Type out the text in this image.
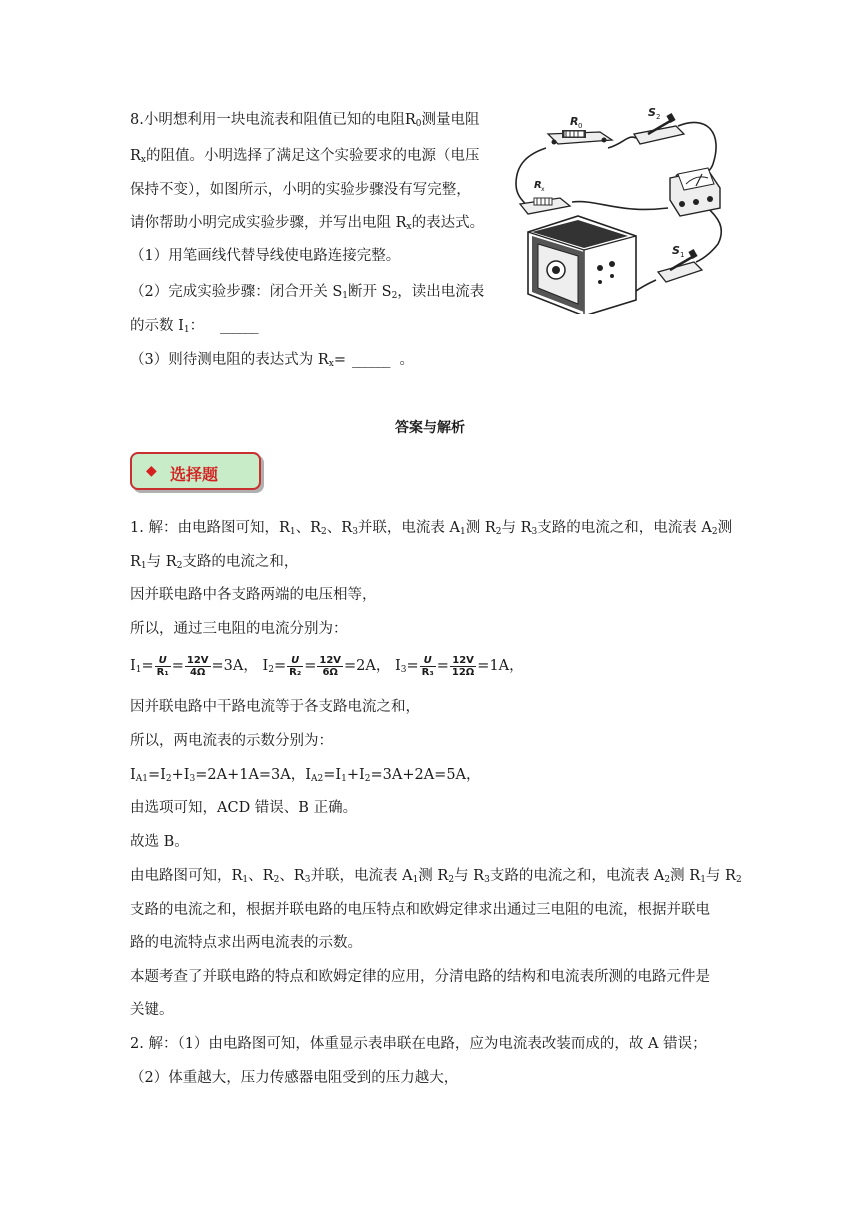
8.小明想利用一块电流表和阻值已知的电阻$R_0$测量电阻
$R_x$的阻值。小明选择了满足这个实验要求的电源（电压
保持不变），如图所示，小明的实验步骤没有写完整，
请你帮助小明完成实验步骤，并写出电阻 $R_x$的表达式。
（1）用笔画线代替导线使电路连接完整。
（2）完成实验步骤：闭合开关 $S_1$断开 $S_2$，读出电流表
的示数 $I_1$： ______
（3）则待测电阻的表达式为 $R_x=$ ______ 。
R 0
S 2
R x
S 1
答案与解析
◆ 选择题
1. 解：由电路图可知，$R_1$、$R_2$、$R_3$并联，电流表 $A_1$测 $R_2$与 $R_3$支路的电流之和，电流表 $A_2$测
$R_1$与 $R_2$支路的电流之和，
因并联电路中各支路两端的电压相等，
所以，通过三电阻的电流分别为：
$I_1= \frac{U}{\text{R₁}} = \frac{12V}{4\Omega} =3A$， $I_2= \frac{U}{\text{R₂}} = \frac{12V}{6\Omega} =2A$， $I_3= \frac{U}{\text{R₃}} = \frac{12V}{12\Omega} =1A$，
因并联电路中干路电流等于各支路电流之和，
所以，两电流表的示数分别为：
$I_{A1}=I_2+I_3=2A+1A=3A$，$I_{A2}=I_1+I_2=3A+2A=5A$，
由选项可知，ACD 错误、B 正确。
故选 B。
由电路图可知，$R_1$、$R_2$、$R_3$并联，电流表 $A_1$测 $R_2$与 $R_3$支路的电流之和，电流表 $A_2$测 $R_1$与 $R_2$
支路的电流之和，根据并联电路的电压特点和欧姆定律求出通过三电阻的电流，根据并联电
路的电流特点求出两电流表的示数。
本题考查了并联电路的特点和欧姆定律的应用，分清电路的结构和电流表所测的电路元件是
关键。
2. 解：（1）由电路图可知，体重显示表串联在电路，应为电流表改装而成的，故 A 错误；
（2）体重越大，压力传感器电阻受到的压力越大，
